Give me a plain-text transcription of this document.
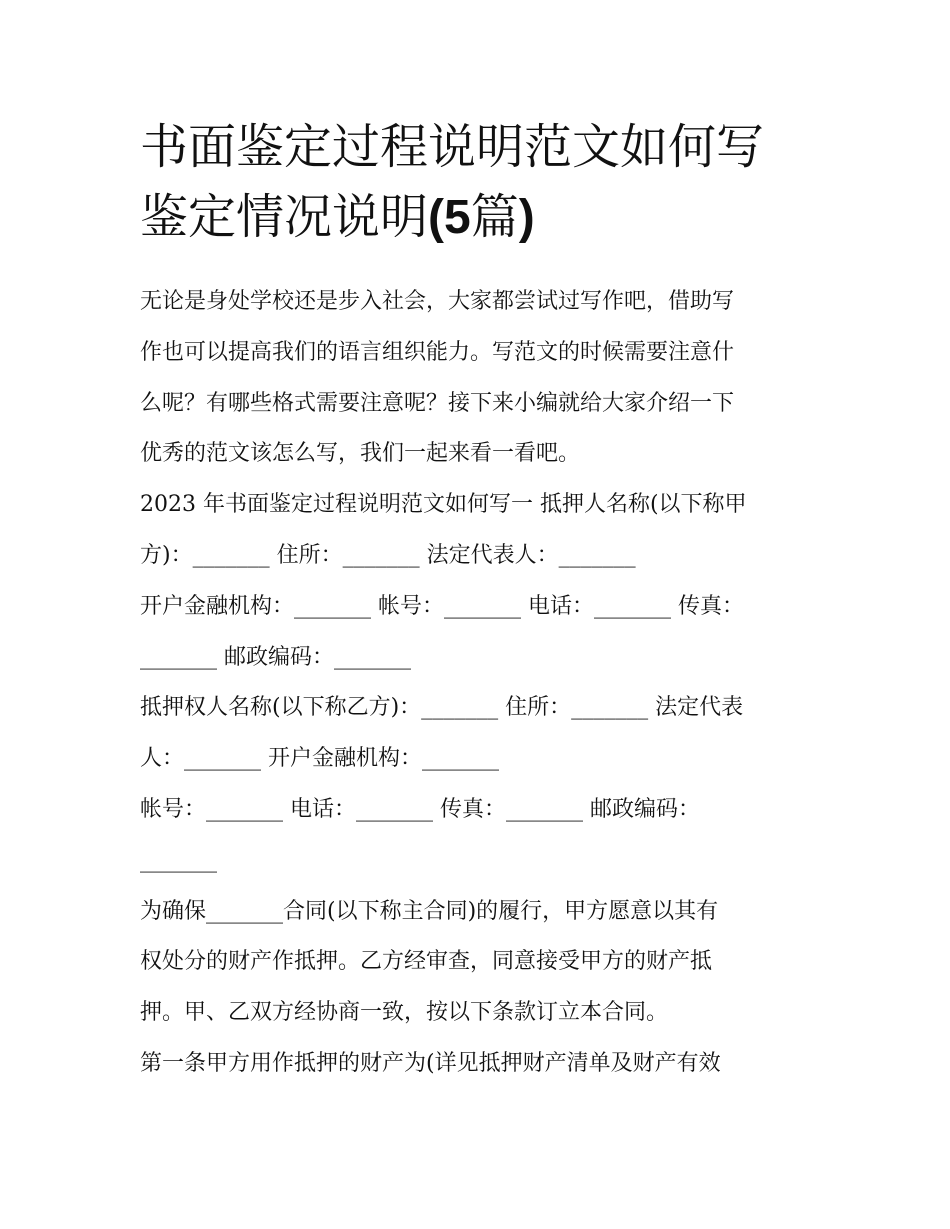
书面鉴定过程说明范文如何写
鉴定情况说明(5篇)

无论是身处学校还是步入社会，大家都尝试过写作吧，借助写
作也可以提高我们的语言组织能力。写范文的时候需要注意什
么呢？有哪些格式需要注意呢？接下来小编就给大家介绍一下
优秀的范文该怎么写，我们一起来看一看吧。

2023 年书面鉴定过程说明范文如何写一 抵押人名称(以下称甲
方)：_______ 住所：_______ 法定代表人：_______

开户金融机构：_______ 帐号：_______ 电话：_______ 传真：
_______ 邮政编码：_______

抵押权人名称(以下称乙方)：_______ 住所：_______ 法定代表
人：_______ 开户金融机构：_______

帐号：_______ 电话：_______ 传真：_______ 邮政编码：
_______

为确保_______合同(以下称主合同)的履行，甲方愿意以其有
权处分的财产作抵押。乙方经审查，同意接受甲方的财产抵
押。甲、乙双方经协商一致，按以下条款订立本合同。

第一条甲方用作抵押的财产为(详见抵押财产清单及财产有效
